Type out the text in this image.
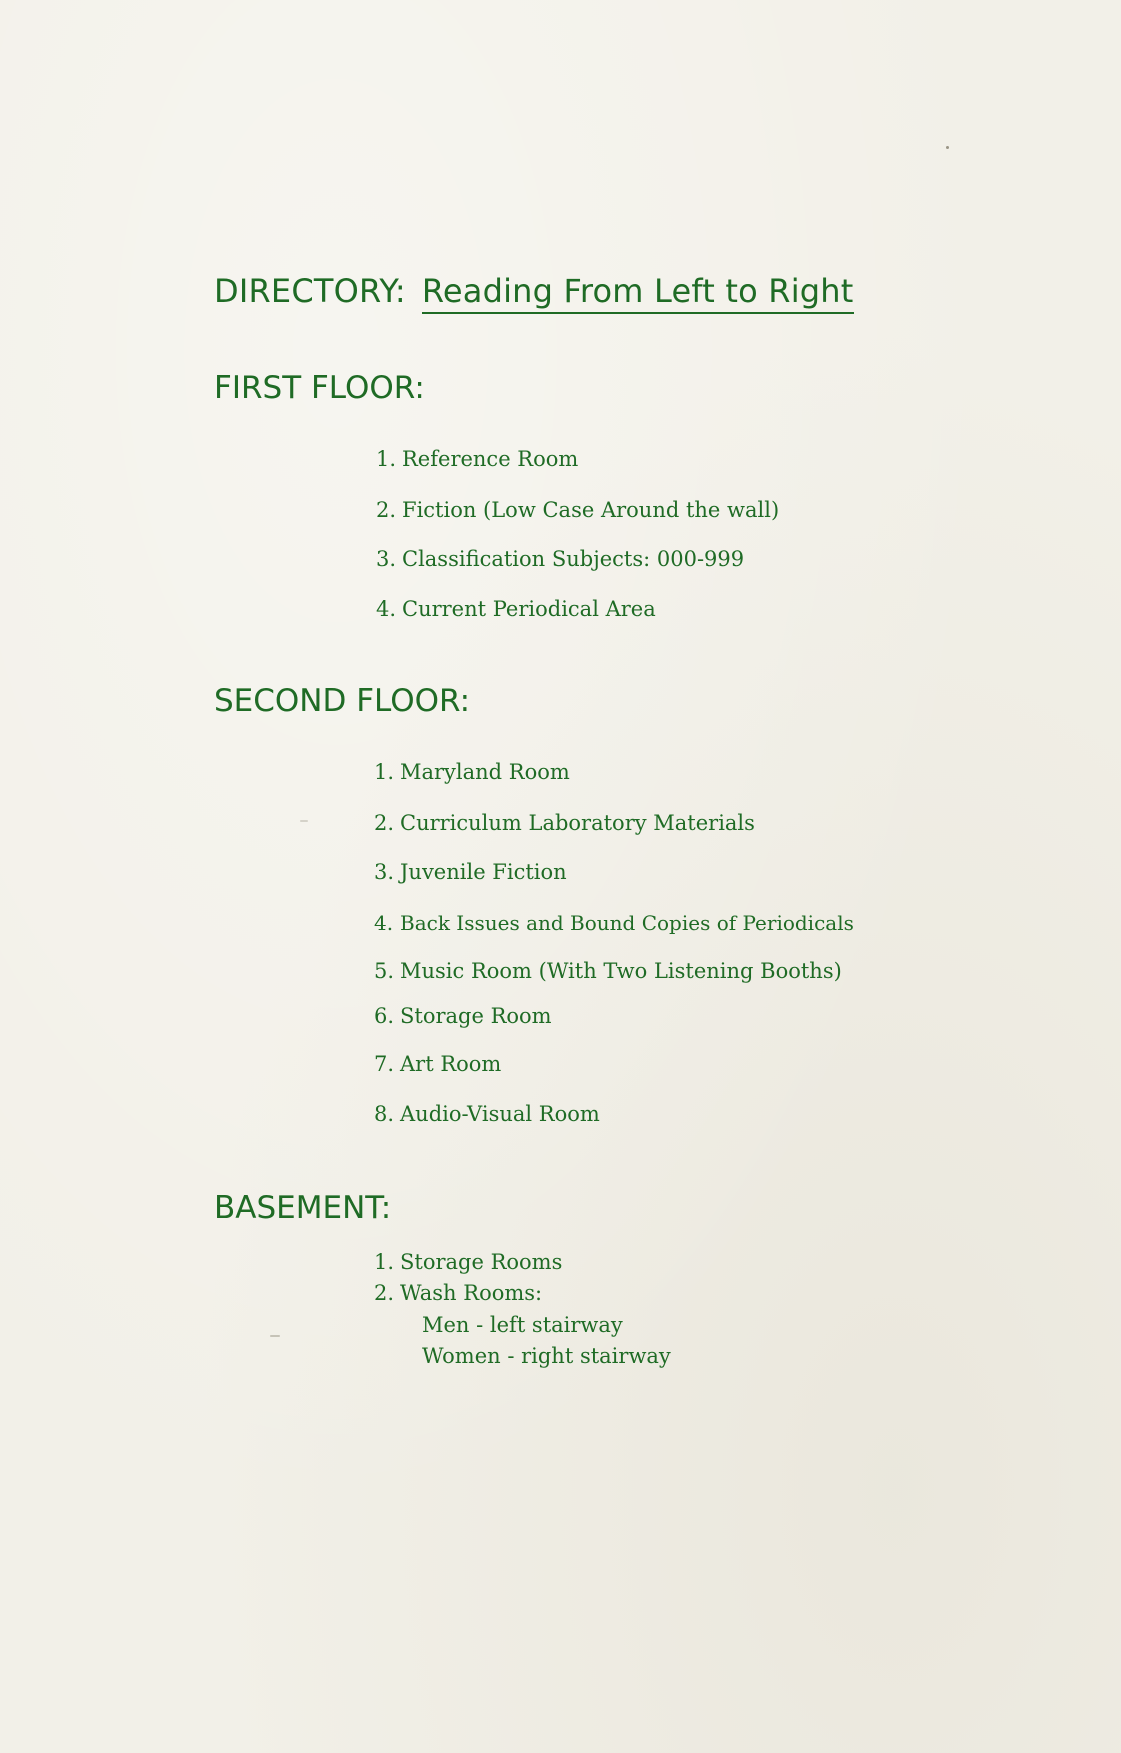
DIRECTORY: Reading From Left to Right
FIRST FLOOR:
1. Reference Room
2. Fiction (Low Case Around the wall)
3. Classification Subjects: 000-999
4. Current Periodical Area
SECOND FLOOR:
1. Maryland Room
2. Curriculum Laboratory Materials
3. Juvenile Fiction
4. Back Issues and Bound Copies of Periodicals
5. Music Room (With Two Listening Booths)
6. Storage Room
7. Art Room
8. Audio-Visual Room
BASEMENT:
1. Storage Rooms
2. Wash Rooms:
Men - left stairway
Women - right stairway
